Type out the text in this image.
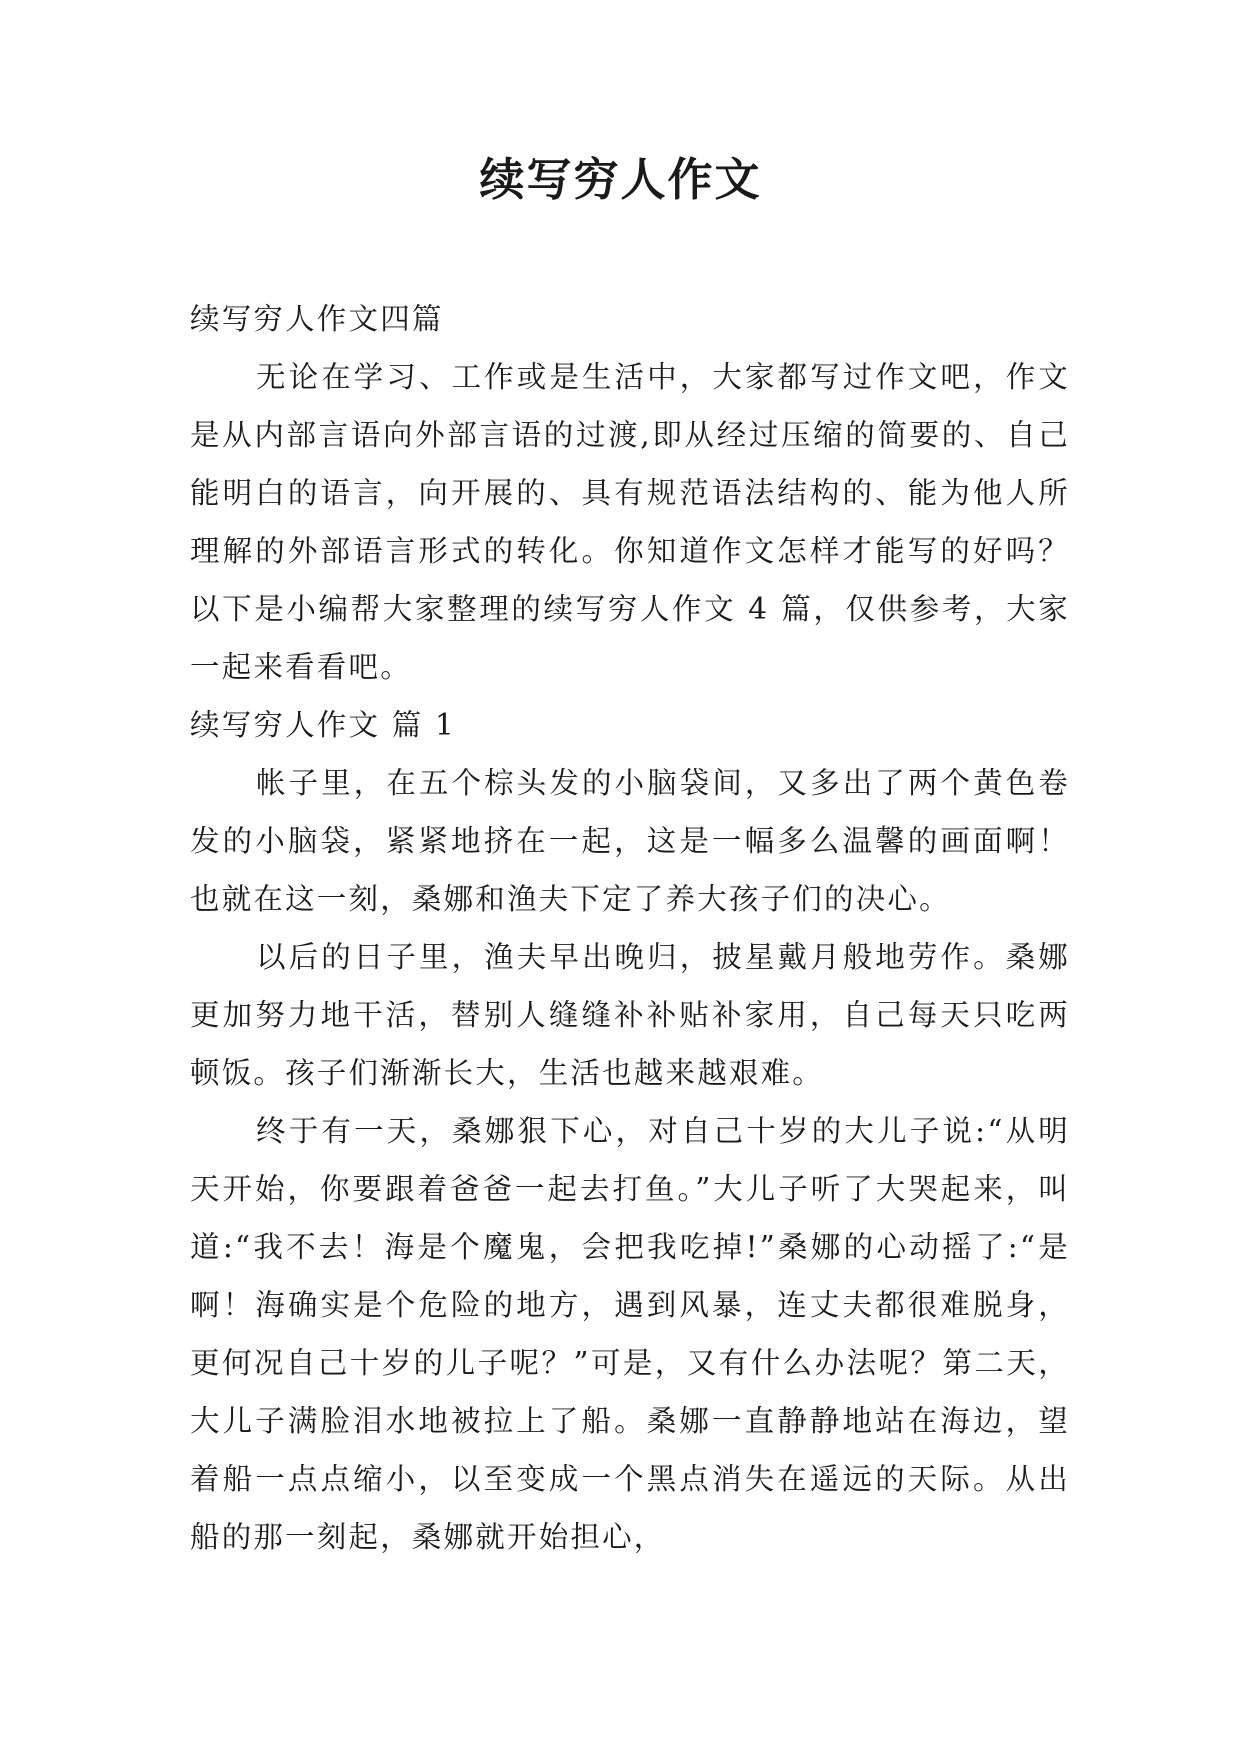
续写穷人作文

续写穷人作文四篇

无论在学习、工作或是生活中，大家都写过作文吧，作文是从内部言语向外部言语的过渡,即从经过压缩的简要的、自己能明白的语言，向开展的、具有规范语法结构的、能为他人所理解的外部语言形式的转化。你知道作文怎样才能写的好吗？以下是小编帮大家整理的续写穷人作文 4 篇，仅供参考，大家一起来看看吧。

续写穷人作文 篇 1

帐子里，在五个棕头发的小脑袋间，又多出了两个黄色卷发的小脑袋，紧紧地挤在一起，这是一幅多么温馨的画面啊！也就在这一刻，桑娜和渔夫下定了养大孩子们的决心。

以后的日子里，渔夫早出晚归，披星戴月般地劳作。桑娜更加努力地干活，替别人缝缝补补贴补家用，自己每天只吃两顿饭。孩子们渐渐长大，生活也越来越艰难。

终于有一天，桑娜狠下心，对自己十岁的大儿子说:“从明天开始，你要跟着爸爸一起去打鱼。”大儿子听了大哭起来，叫道:“我不去！海是个魔鬼，会把我吃掉!”桑娜的心动摇了:“是啊！海确实是个危险的地方，遇到风暴，连丈夫都很难脱身，更何况自己十岁的儿子呢？”可是，又有什么办法呢？第二天，大儿子满脸泪水地被拉上了船。桑娜一直静静地站在海边，望着船一点点缩小，以至变成一个黑点消失在遥远的天际。从出船的那一刻起，桑娜就开始担心，
